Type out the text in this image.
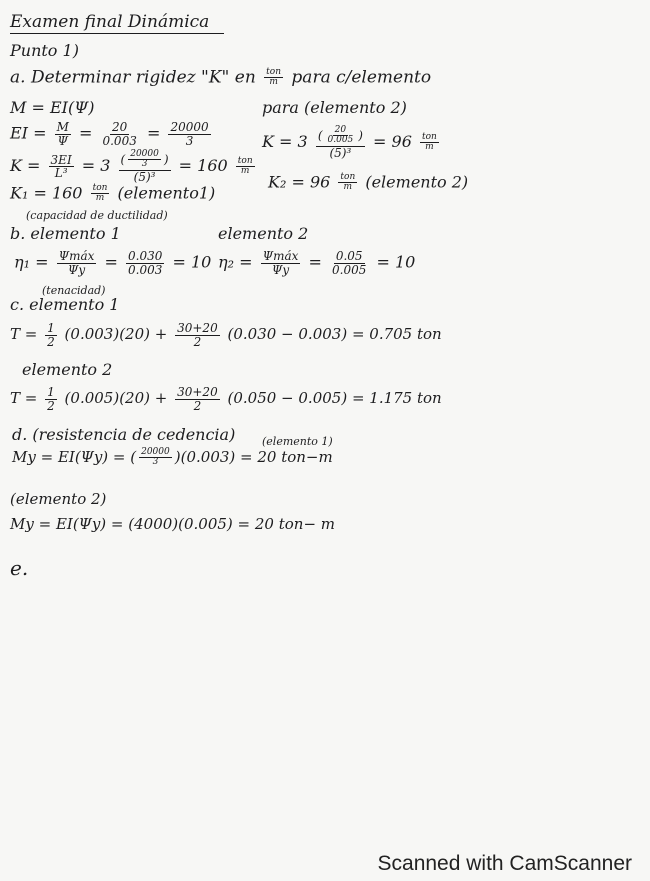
Examen final Dinámica
Punto 1)
a. Determinar rigidez "K" en $\frac{\text{ton}}{m}$ para c/elemento
M = EI(Ψ)
EI = $\frac{M}{\Psi} = \frac{20}{0.003} = \frac{20000}{3}$
$K = \frac{3EI}{\text{L³}} = 3 \frac{( \frac{20000}{3} )}{\text{(5)³}} = 160 \frac{\text{ton}}{m}$
$K_1 = 160 \frac{\text{ton}}{m}$ (elemento1)
para (elemento 2)
$K = 3 \frac{( \frac{20}{0.005} )}{\text{(5)³}} = 96 \frac{\text{ton}}{m}$
$K_2 = 96 \frac{\text{ton}}{m}$ (elemento 2)
(capacidad de ductilidad)
b. elemento 1	elemento 2
$\eta_1 = \frac{\text{Ψmáx}}{\Psi y} = \frac{0.030}{0.003} = 10$ $\eta_2 = \frac{\text{Ψmáx}}{\Psi y} = \frac{0.05}{0.005} = 10$
(tenacidad)
c. elemento 1
$T = \frac{1}{2} (0.003)(20) + \frac{30+20}{2} (0.030 - 0.003) = 0.705$ ton
elemento 2
$T = \frac{1}{2} (0.005)(20) + \frac{30+20}{2} (0.050 - 0.005) = 1.175$ ton
d. (resistencia de cedencia) (elemento 1)
My = EI(Ψy) = ( $\frac{20000}{3} )(0.003) = 20$ ton−m
(elemento 2)
My = EI(Ψy) = (4000)(0.005) = 20 ton− m
e.
Scanned with CamScanner
